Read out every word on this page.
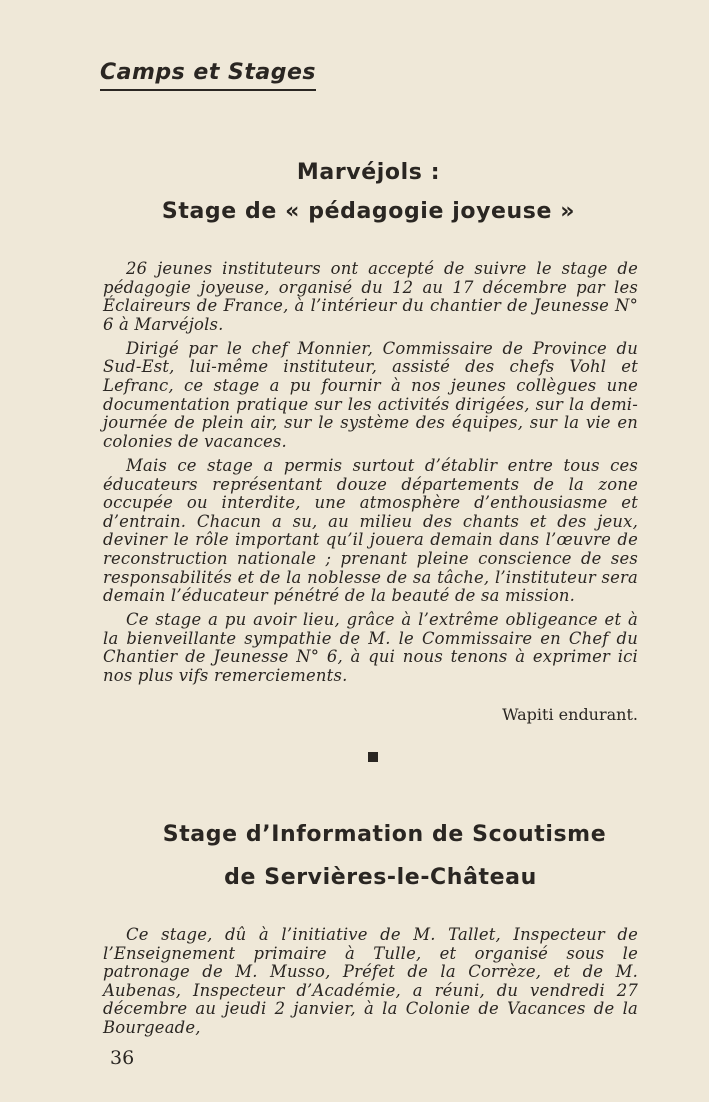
Camps et Stages
Marvéjols :
Stage de « pédagogie joyeuse »

26 jeunes instituteurs ont accepté de suivre le stage de pédagogie joyeuse, organisé du 12 au 17 décembre par les Éclaireurs de France, à l’intérieur du chantier de Jeunesse N° 6 à Marvéjols.

Dirigé par le chef Monnier, Commissaire de Province du Sud-Est, lui-même instituteur, assisté des chefs Vohl et Lefranc, ce stage a pu fournir à nos jeunes collègues une documentation pratique sur les activités dirigées, sur la demi-journée de plein air, sur le système des équipes, sur la vie en colonies de vacances.

Mais ce stage a permis surtout d’établir entre tous ces éducateurs représentant douze départements de la zone occupée ou interdite, une atmosphère d’enthousiasme et d’entrain. Chacun a su, au milieu des chants et des jeux, deviner le rôle important qu’il jouera demain dans l’œuvre de reconstruction nationale ; prenant pleine conscience de ses responsabilités et de la noblesse de sa tâche, l’instituteur sera demain l’éducateur pénétré de la beauté de sa mission.

Ce stage a pu avoir lieu, grâce à l’extrême obligeance et à la bienveillante sympathie de M. le Commissaire en Chef du Chantier de Jeunesse N° 6, à qui nous tenons à exprimer ici nos plus vifs remerciements.

Wapiti endurant.
Stage d’Information de Scoutisme
de Servières-le-Château

Ce stage, dû à l’initiative de M. Tallet, Inspecteur de l’Enseignement primaire à Tulle, et organisé sous le patronage de M. Musso, Préfet de la Corrèze, et de M. Aubenas, Inspecteur d’Académie, a réuni, du vendredi 27 décembre au jeudi 2 janvier, à la Colonie de Vacances de la Bourgeade,

36
